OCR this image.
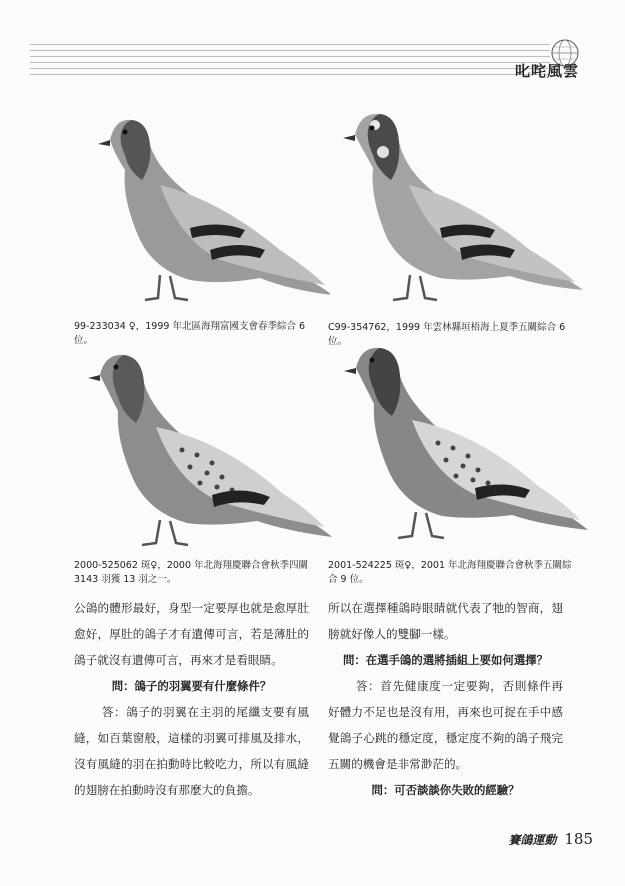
叱咤風雲
99-233034 ♀，1999 年北區海翔富國支會春季綜合 6 位。
C99-354762，1999 年雲林縣垣梧海上夏季五關綜合 6 位。
2000-525062 斑♀，2000 年北海翔慶聯合會秋季四關 3143 羽獲 13 羽之一。
2001-524225 斑♀，2001 年北海翔慶聯合會秋季五關綜合 9 位。

公鴿的體形最好，身型一定要厚也就是愈厚肚愈好，厚肚的鴿子才有遺傳可言，若是薄肚的鴿子就沒有遺傳可言，再來才是看眼睛。

問：鴿子的羽翼要有什麼條件？

答：鴿子的羽翼在主羽的尾纖支要有風縫，如百葉窗般，這樣的羽翼可排風及排水，沒有風縫的羽在拍動時比較吃力，所以有風縫的翅膀在拍動時沒有那麼大的負擔。

所以在選擇種鴿時眼睛就代表了牠的智商，翅膀就好像人的雙腳一樣。

問：在選手鴿的選將插組上要如何選擇？

答：首先健康度一定要夠，否則條件再好體力不足也是沒有用，再來也可捉在手中感覺鴿子心跳的穩定度，穩定度不夠的鴿子飛完五關的機會是非常渺茫的。

問：可否談談你失敗的經驗？

賽鴿運動 185
